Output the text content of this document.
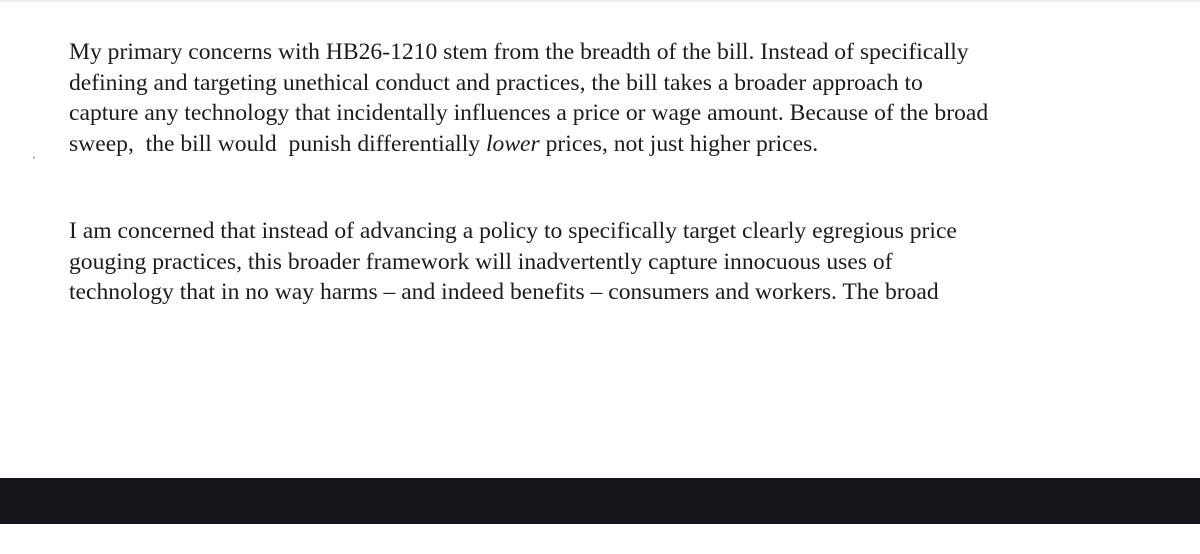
My primary concerns with HB26-1210 stem from the breadth of the bill. Instead of specifically
defining and targeting unethical conduct and practices, the bill takes a broader approach to
capture any technology that incidentally influences a price or wage amount. Because of the broad
sweep,  the bill would  punish differentially lower prices, not just higher prices.

I am concerned that instead of advancing a policy to specifically target clearly egregious price
gouging practices, this broader framework will inadvertently capture innocuous uses of
technology that in no way harms – and indeed benefits – consumers and workers. The broad
